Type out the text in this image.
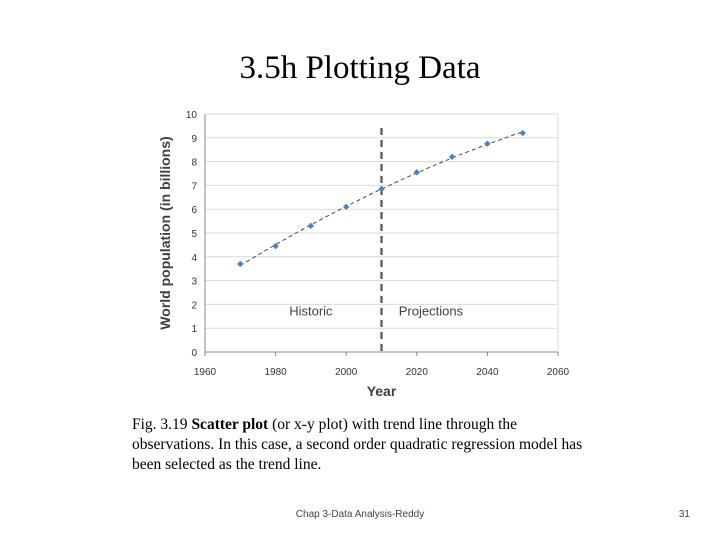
3.5h Plotting Data
0
1
2
3
4
5
6
7
8
9
10
1960	1980	2000	2020	2040	2060
Historic	Projections
Year
World population (in billions)
Fig. 3.19 Scatter plot (or x-y plot) with trend line through the observations. In this case, a second order quadratic regression model has been selected as the trend line.
Chap 3-Data Analysis-Reddy	31
